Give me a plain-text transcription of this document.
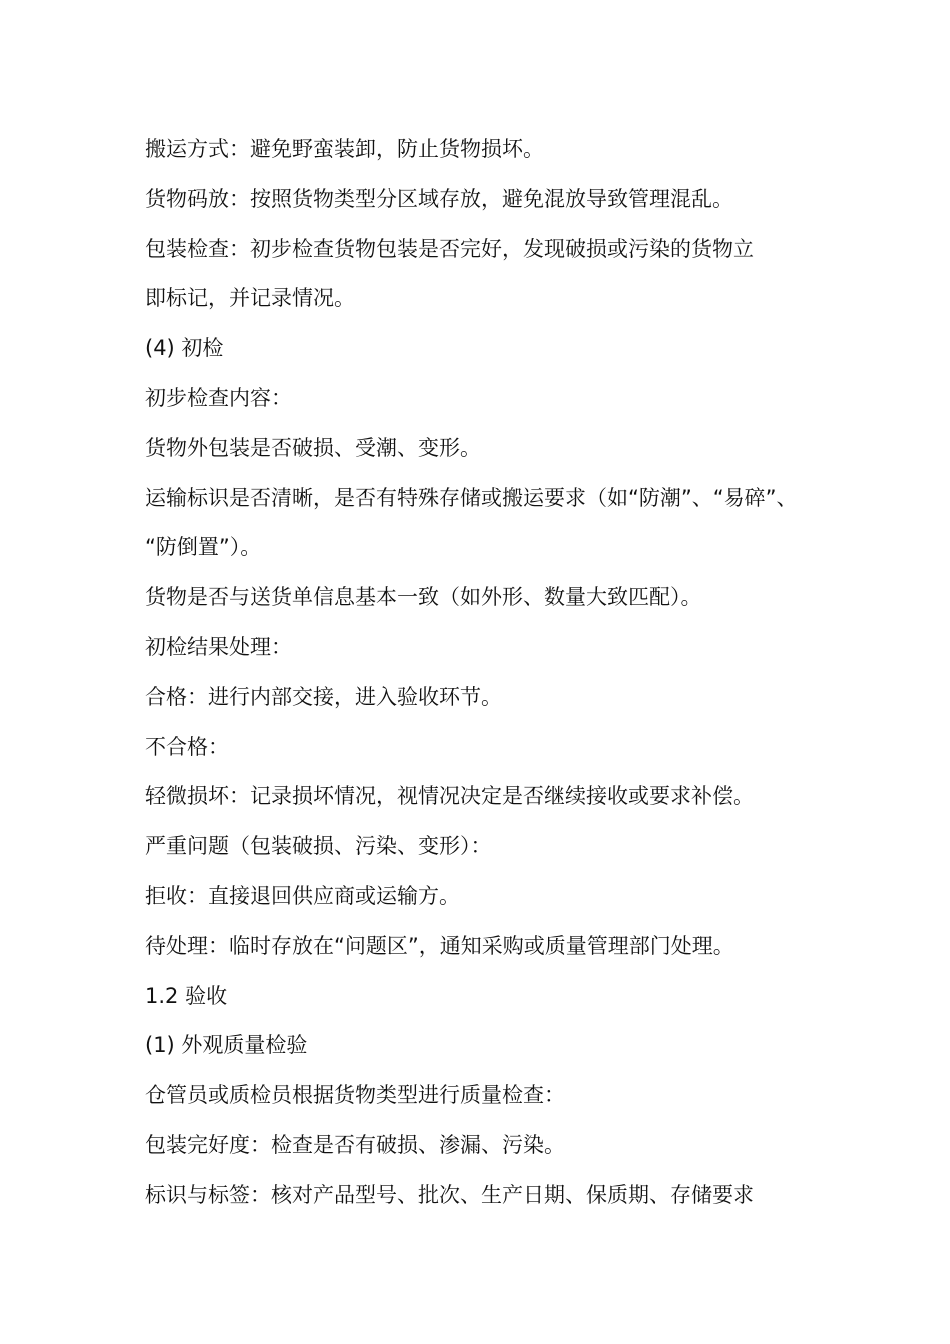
搬运方式：避免野蛮装卸，防止货物损坏。
货物码放：按照货物类型分区域存放，避免混放导致管理混乱。
包装检查：初步检查货物包装是否完好，发现破损或污染的货物立
即标记，并记录情况。
(4) 初检
初步检查内容：
货物外包装是否破损、受潮、变形。
运输标识是否清晰，是否有特殊存储或搬运要求（如“防潮”、“易碎”、
“防倒置”）。
货物是否与送货单信息基本一致（如外形、数量大致匹配）。
初检结果处理：
合格：进行内部交接，进入验收环节。
不合格：
轻微损坏：记录损坏情况，视情况决定是否继续接收或要求补偿。
严重问题（包装破损、污染、变形）：
拒收：直接退回供应商或运输方。
待处理：临时存放在“问题区”，通知采购或质量管理部门处理。
1.2 验收
(1) 外观质量检验
仓管员或质检员根据货物类型进行质量检查：
包装完好度：检查是否有破损、渗漏、污染。
标识与标签：核对产品型号、批次、生产日期、保质期、存储要求
